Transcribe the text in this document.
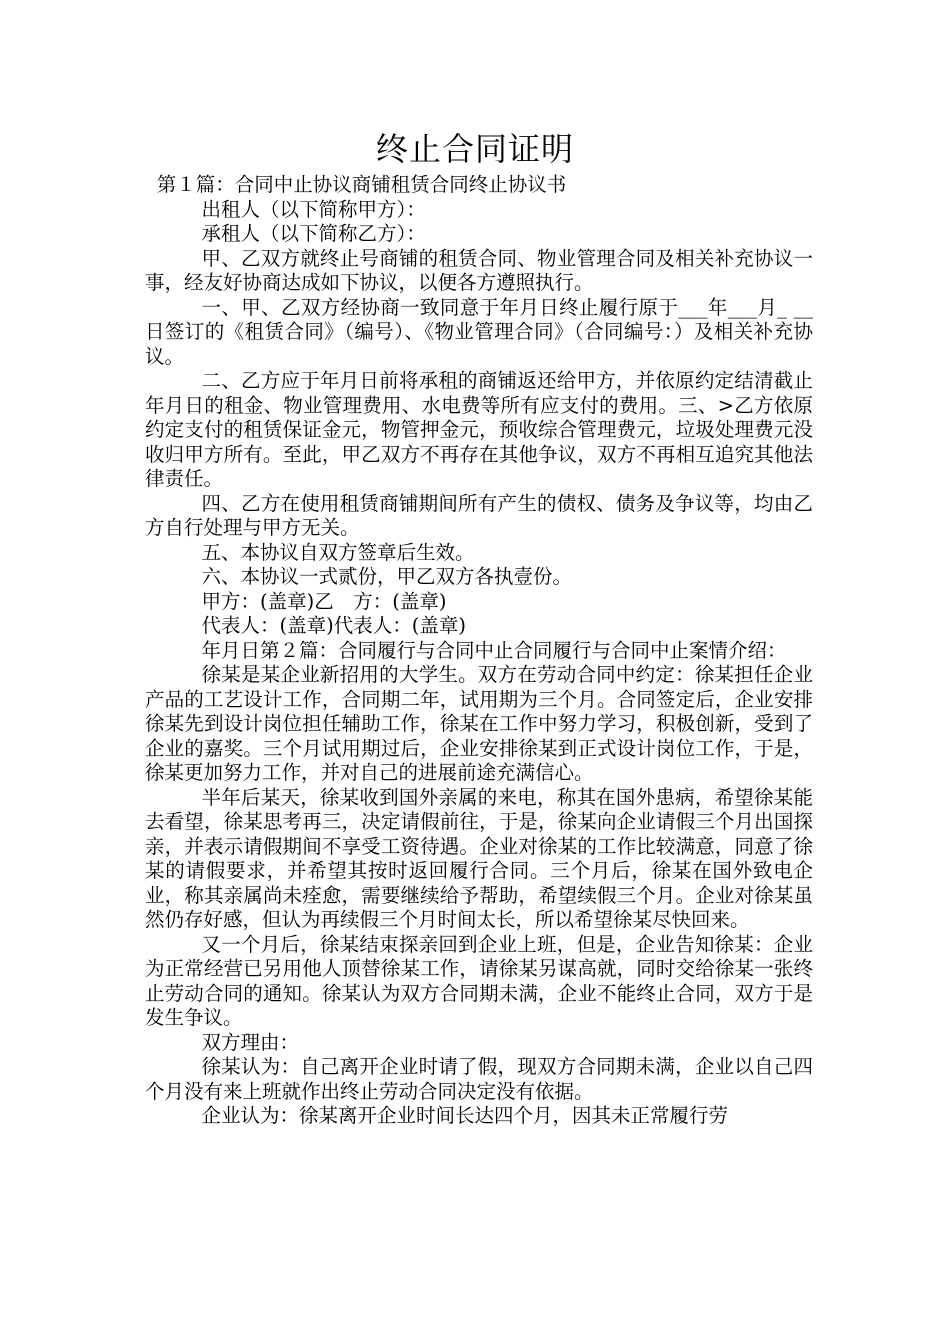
终止合同证明

第１篇：合同中止协议商铺租赁合同终止协议书

出租人（以下简称甲方）：

承租人（以下简称乙方）：

甲、乙双方就终止号商铺的租赁合同、物业管理合同及相关补充协议一事，经友好协商达成如下协议，以便各方遵照执行。

一、甲、乙双方经协商一致同意于年月日终止履行原于___年___月_ __日签订的《租赁合同》（编号）、《物业管理合同》（合同编号：）及相关补充协议。

二、乙方应于年月日前将承租的商铺返还给甲方，并依原约定结清截止年月日的租金、物业管理费用、水电费等所有应支付的费用。三、>乙方依原约定支付的租赁保证金元，物管押金元，预收综合管理费元，垃圾处理费元没收归甲方所有。至此，甲乙双方不再存在其他争议，双方不再相互追究其他法律责任。

四、乙方在使用租赁商铺期间所有产生的债权、债务及争议等，均由乙方自行处理与甲方无关。

五、本协议自双方签章后生效。

六、本协议一式贰份，甲乙双方各执壹份。

甲方：(盖章)乙　方：(盖章)

代表人：(盖章)代表人：(盖章)

年月日第２篇：合同履行与合同中止合同履行与合同中止案情介绍：

徐某是某企业新招用的大学生。双方在劳动合同中约定：徐某担任企业产品的工艺设计工作，合同期二年，试用期为三个月。合同签定后，企业安排徐某先到设计岗位担任辅助工作，徐某在工作中努力学习，积极创新，受到了企业的嘉奖。三个月试用期过后，企业安排徐某到正式设计岗位工作，于是，徐某更加努力工作，并对自己的进展前途充满信心。

半年后某天，徐某收到国外亲属的来电，称其在国外患病，希望徐某能去看望，徐某思考再三，决定请假前往，于是，徐某向企业请假三个月出国探亲，并表示请假期间不享受工资待遇。企业对徐某的工作比较满意，同意了徐某的请假要求，并希望其按时返回履行合同。三个月后，徐某在国外致电企业，称其亲属尚未痊愈，需要继续给予帮助，希望续假三个月。企业对徐某虽然仍存好感，但认为再续假三个月时间太长，所以希望徐某尽快回来。

又一个月后，徐某结束探亲回到企业上班，但是，企业告知徐某：企业为正常经营已另用他人顶替徐某工作，请徐某另谋高就，同时交给徐某一张终止劳动合同的通知。徐某认为双方合同期未满，企业不能终止合同，双方于是发生争议。

双方理由：

徐某认为：自己离开企业时请了假，现双方合同期未满，企业以自己四个月没有来上班就作出终止劳动合同决定没有依据。

企业认为：徐某离开企业时间长达四个月，因其未正常履行劳
